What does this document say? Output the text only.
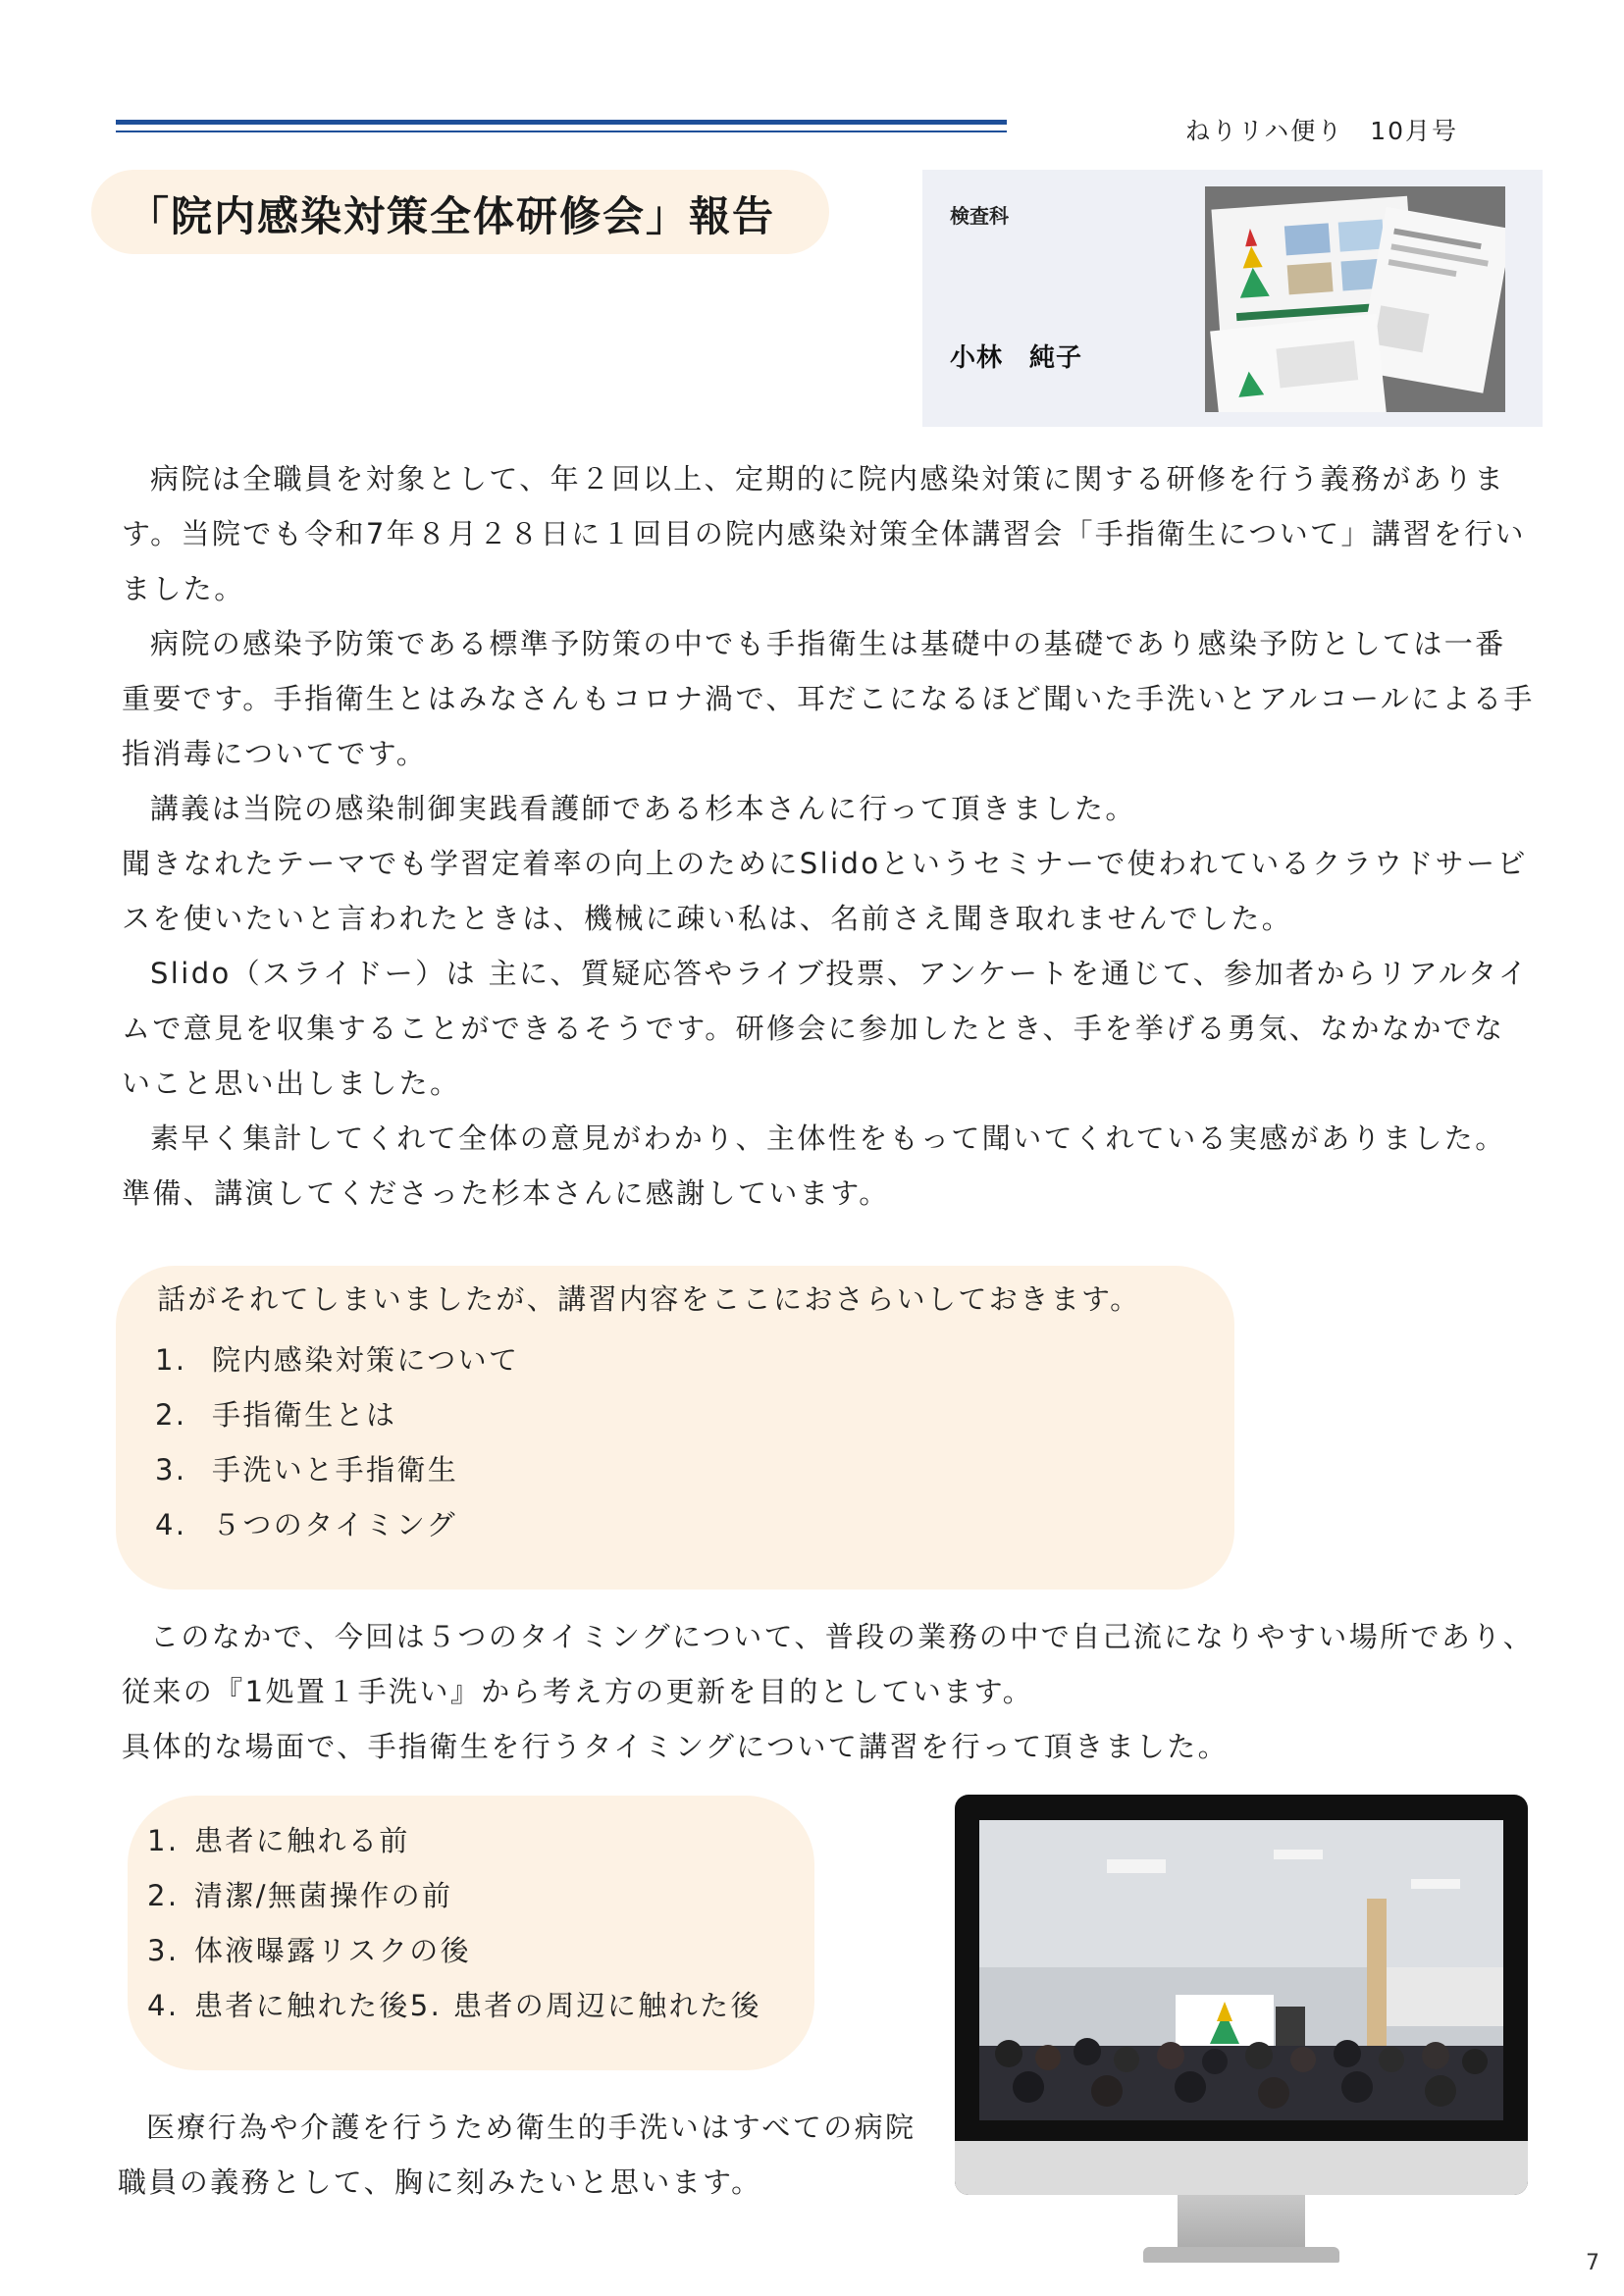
ねりリハ便り　10月号
「院内感染対策全体研修会」報告	検査科
小林　純子
病院は全職員を対象として、年２回以上、定期的に院内感染対策に関する研修を行う義務があります。当院でも令和7年８月２８日に１回目の院内感染対策全体講習会「手指衛生について」講習を行いました。
病院の感染予防策である標準予防策の中でも手指衛生は基礎中の基礎であり感染予防としては一番重要です。手指衛生とはみなさんもコロナ渦で、耳だこになるほど聞いた手洗いとアルコールによる手指消毒についてです。
講義は当院の感染制御実践看護師である杉本さんに行って頂きました。
聞きなれたテーマでも学習定着率の向上のためにSlidoというセミナーで使われているクラウドサービスを使いたいと言われたときは、機械に疎い私は、名前さえ聞き取れませんでした。
Slido（スライドー）は 主に、質疑応答やライブ投票、アンケートを通じて、参加者からリアルタイムで意見を収集することができるそうです。研修会に参加したとき、手を挙げる勇気、なかなかでないこと思い出しました。
素早く集計してくれて全体の意見がわかり、主体性をもって聞いてくれている実感がありました。準備、講演してくださった杉本さんに感謝しています。
話がそれてしまいましたが、講習内容をここにおさらいしておきます。
1. 院内感染対策について
2. 手指衛生とは
3. 手洗いと手指衛生
4. ５つのタイミング
このなかで、今回は５つのタイミングについて、普段の業務の中で自己流になりやすい場所であり、従来の『1処置１手洗い』から考え方の更新を目的としています。
具体的な場面で、手指衛生を行うタイミングについて講習を行って頂きました。
1. 患者に触れる前
2. 清潔/無菌操作の前
3. 体液曝露リスクの後
4. 患者に触れた後5. 患者の周辺に触れた後
医療行為や介護を行うため衛生的手洗いはすべての病院職員の義務として、胸に刻みたいと思います。
7
